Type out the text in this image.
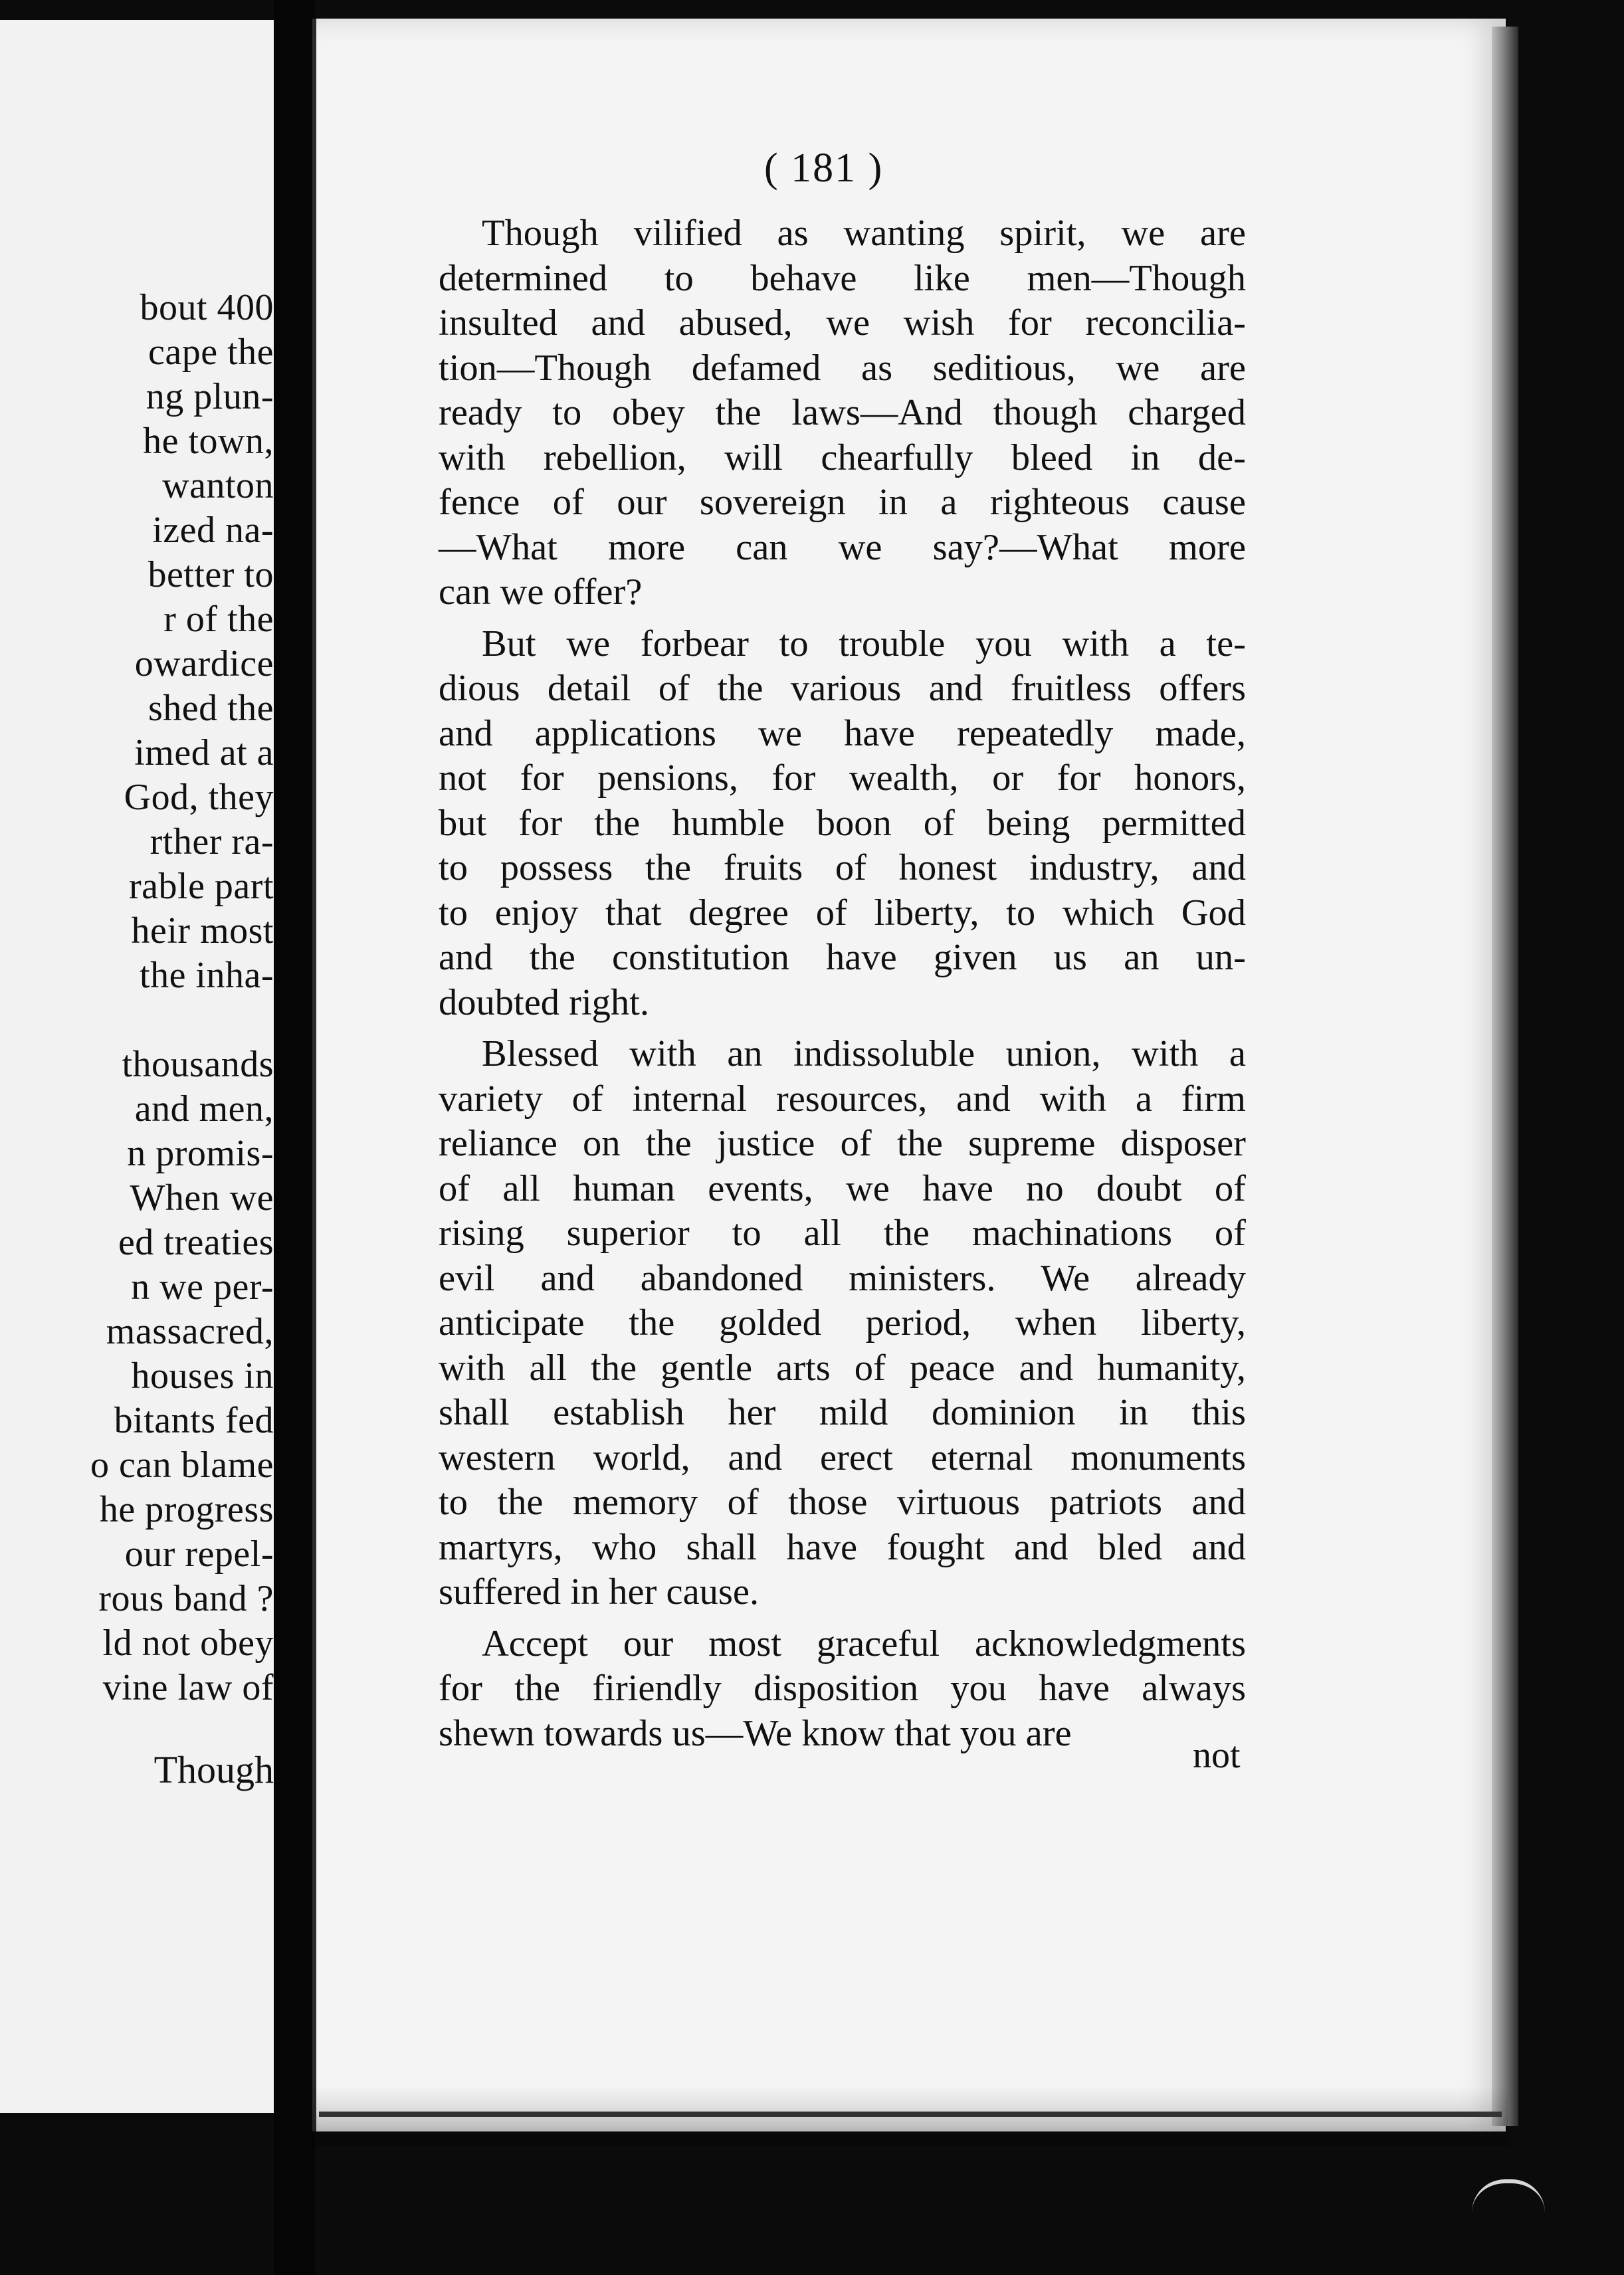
bout 400
cape the
ng plun-
he town,
wanton
ized na-
better to
r of the
owardice
shed the
imed at a
God, they
rther ra-
rable part
heir most
the inha-
thousands
and men,
n promis-
When we
ed treaties
n we per-
massacred,
houses in
bitants fed
o can blame
he progress
our repel-
rous band ?
ld not obey
vine law of
Though
( 181 )
Though vilified as wanting spirit, we are
determined to behave like men—Though
insulted and abused, we wish for reconcilia-
tion—Though defamed as seditious, we are
ready to obey the laws—And though charged
with rebellion, will chearfully bleed in de-
fence of our sovereign in a righteous cause
—What more can we say?—What more
can we offer?
But we forbear to trouble you with a te-
dious detail of the various and fruitless offers
and applications we have repeatedly made,
not for pensions, for wealth, or for honors,
but for the humble boon of being permitted
to possess the fruits of honest industry, and
to enjoy that degree of liberty, to which God
and the constitution have given us an un-
doubted right.
Blessed with an indissoluble union, with a
variety of internal resources, and with a firm
reliance on the justice of the supreme disposer
of all human events, we have no doubt of
rising superior to all the machinations of
evil and abandoned ministers. We already
anticipate the golded period, when liberty,
with all the gentle arts of peace and humanity,
shall establish her mild dominion in this
western world, and erect eternal monuments
to the memory of those virtuous patriots and
martyrs, who shall have fought and bled and
suffered in her cause.
Accept our most graceful acknowledgments
for the firiendly disposition you have always
shewn towards us—We know that you are
not
